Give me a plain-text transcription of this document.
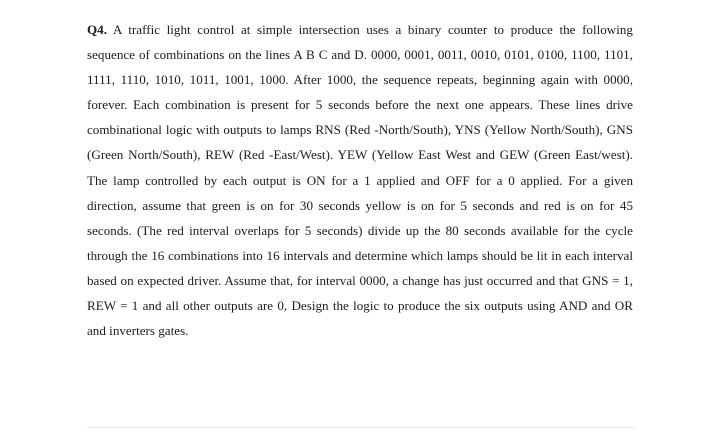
Q4. A traffic light control at simple intersection uses a binary counter to produce the following sequence of combinations on the lines A B C and D. 0000, 0001, 0011, 0010, 0101, 0100, 1100, 1101, 1111, 1110, 1010, 1011, 1001, 1000. After 1000, the sequence repeats, beginning again with 0000, forever. Each combination is present for 5 seconds before the next one appears. These lines drive combinational logic with outputs to lamps RNS (Red -North/South), YNS (Yellow North/South), GNS (Green North/South), REW (Red -East/West). YEW (Yellow East West and GEW (Green East/west). The lamp controlled by each output is ON for a 1 applied and OFF for a 0 applied. For a given direction, assume that green is on for 30 seconds yellow is on for 5 seconds and red is on for 45 seconds. (The red interval overlaps for 5 seconds) divide up the 80 seconds available for the cycle through the 16 combinations into 16 intervals and determine which lamps should be lit in each interval based on expected driver. Assume that, for interval 0000, a change has just occurred and that GNS = 1, REW = 1 and all other outputs are 0, Design the logic to produce the six outputs using AND and OR and inverters gates.
